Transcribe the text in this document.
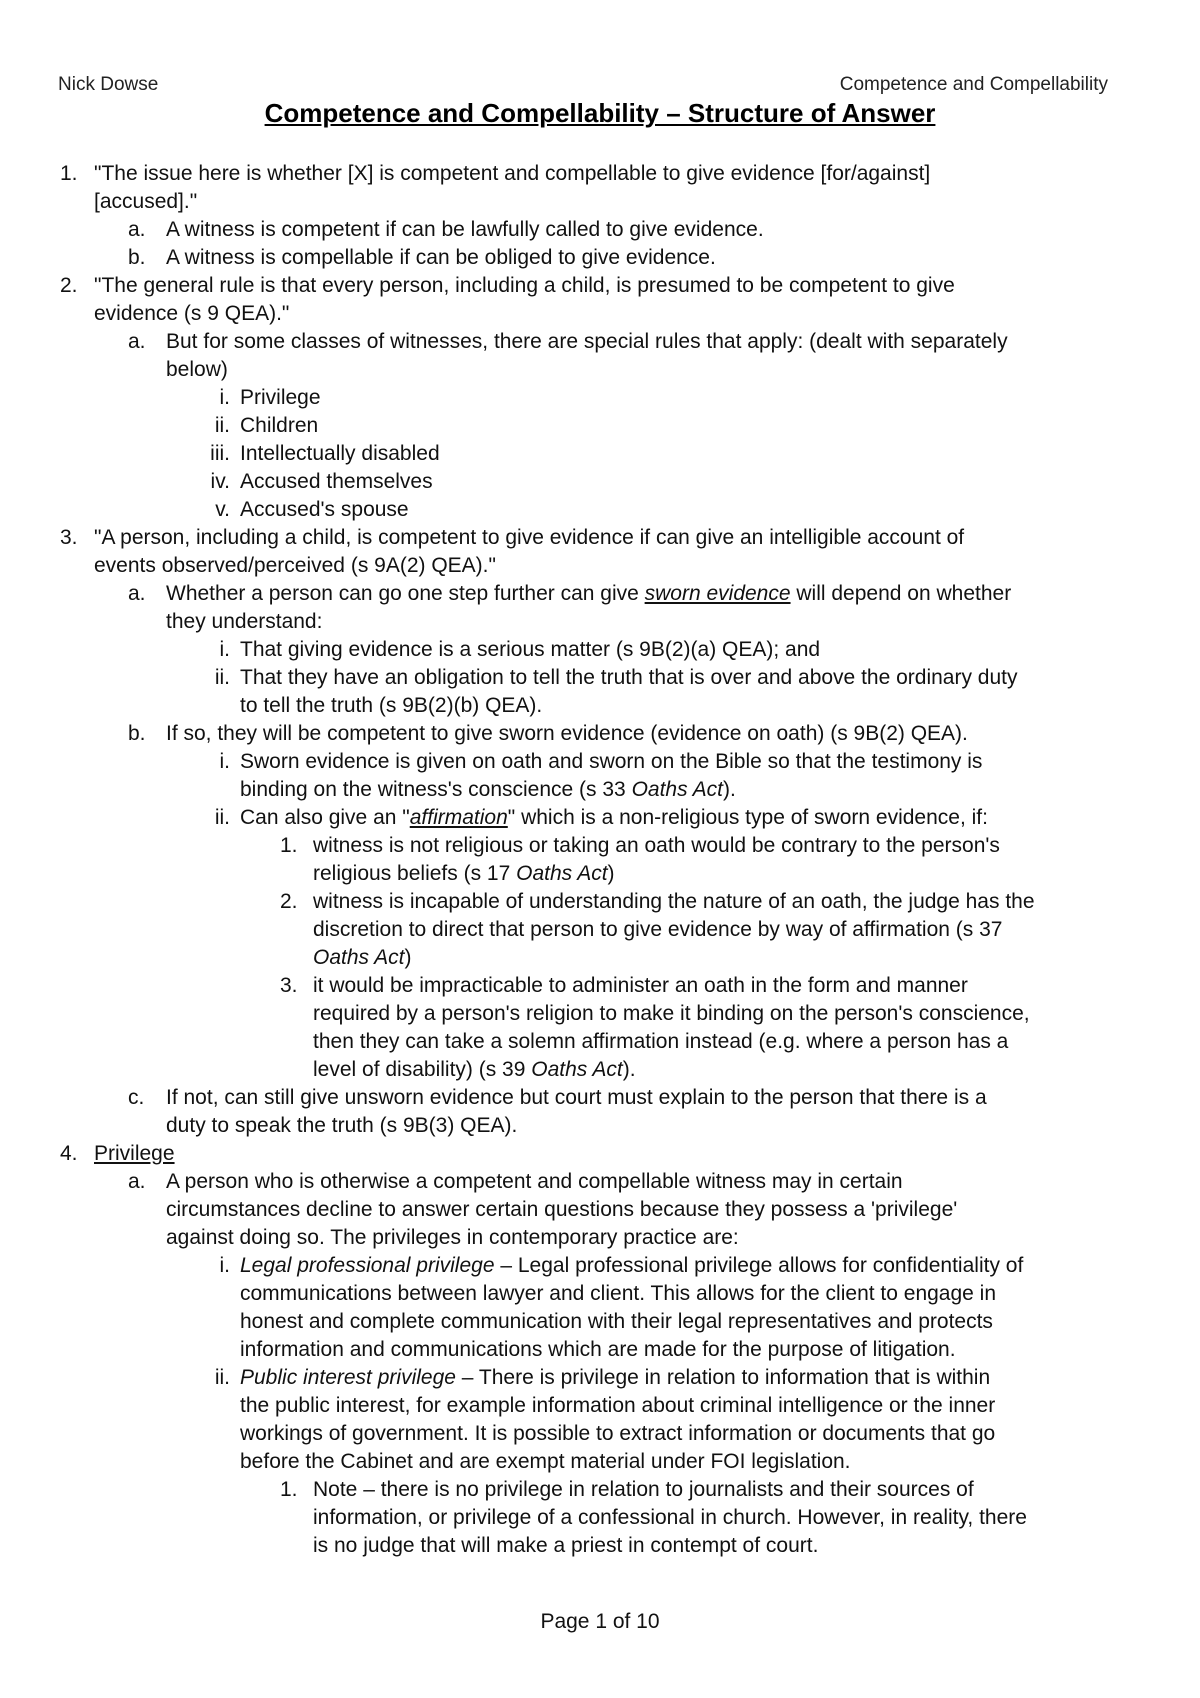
Nick Dowse	Competence and Compellability
Competence and Compellability – Structure of Answer
1. "The issue here is whether [X] is competent and compellable to give evidence [for/against]
[accused]."
a. A witness is competent if can be lawfully called to give evidence.
b. A witness is compellable if can be obliged to give evidence.
2. "The general rule is that every person, including a child, is presumed to be competent to give
evidence (s 9 QEA)."
a. But for some classes of witnesses, there are special rules that apply: (dealt with separately
below)
i. Privilege
ii. Children
iii. Intellectually disabled
iv. Accused themselves
v. Accused's spouse
3. "A person, including a child, is competent to give evidence if can give an intelligible account of
events observed/perceived (s 9A(2) QEA)."
a. Whether a person can go one step further can give sworn evidence will depend on whether
they understand:
i. That giving evidence is a serious matter (s 9B(2)(a) QEA); and
ii. That they have an obligation to tell the truth that is over and above the ordinary duty
to tell the truth (s 9B(2)(b) QEA).
b. If so, they will be competent to give sworn evidence (evidence on oath) (s 9B(2) QEA).
i. Sworn evidence is given on oath and sworn on the Bible so that the testimony is
binding on the witness's conscience (s 33 Oaths Act).
ii. Can also give an "affirmation" which is a non-religious type of sworn evidence, if:
1. witness is not religious or taking an oath would be contrary to the person's
religious beliefs (s 17 Oaths Act)
2. witness is incapable of understanding the nature of an oath, the judge has the
discretion to direct that person to give evidence by way of affirmation (s 37
Oaths Act)
3. it would be impracticable to administer an oath in the form and manner
required by a person's religion to make it binding on the person's conscience,
then they can take a solemn affirmation instead (e.g. where a person has a
level of disability) (s 39 Oaths Act).
c. If not, can still give unsworn evidence but court must explain to the person that there is a
duty to speak the truth (s 9B(3) QEA).
4. Privilege
a. A person who is otherwise a competent and compellable witness may in certain
circumstances decline to answer certain questions because they possess a 'privilege'
against doing so. The privileges in contemporary practice are:
i. Legal professional privilege – Legal professional privilege allows for confidentiality of
communications between lawyer and client. This allows for the client to engage in
honest and complete communication with their legal representatives and protects
information and communications which are made for the purpose of litigation.
ii. Public interest privilege – There is privilege in relation to information that is within
the public interest, for example information about criminal intelligence or the inner
workings of government. It is possible to extract information or documents that go
before the Cabinet and are exempt material under FOI legislation.
1. Note – there is no privilege in relation to journalists and their sources of
information, or privilege of a confessional in church. However, in reality, there
is no judge that will make a priest in contempt of court.
Page 1 of 10
